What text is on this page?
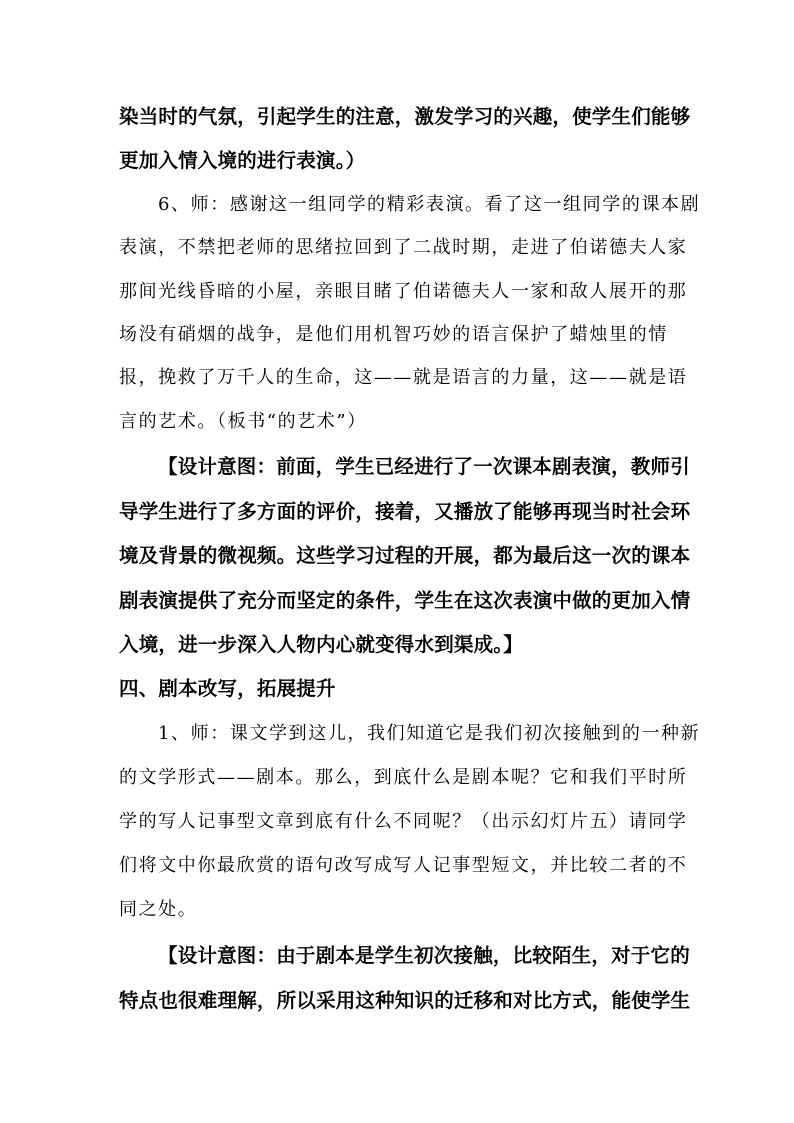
染当时的气氛，引起学生的注意，激发学习的兴趣，使学生们能够
更加入情入境的进行表演。）
6、师：感谢这一组同学的精彩表演。看了这一组同学的课本剧
表演，不禁把老师的思绪拉回到了二战时期，走进了伯诺德夫人家
那间光线昏暗的小屋，亲眼目睹了伯诺德夫人一家和敌人展开的那
场没有硝烟的战争，是他们用机智巧妙的语言保护了蜡烛里的情
报，挽救了万千人的生命，这——就是语言的力量，这——就是语
言的艺术。（板书“的艺术”）
【设计意图：前面，学生已经进行了一次课本剧表演，教师引
导学生进行了多方面的评价，接着，又播放了能够再现当时社会环
境及背景的微视频。这些学习过程的开展，都为最后这一次的课本
剧表演提供了充分而坚定的条件，学生在这次表演中做的更加入情
入境，进一步深入人物内心就变得水到渠成。】
四、剧本改写，拓展提升
1、师：课文学到这儿，我们知道它是我们初次接触到的一种新
的文学形式——剧本。那么，到底什么是剧本呢？它和我们平时所
学的写人记事型文章到底有什么不同呢？（出示幻灯片五）请同学
们将文中你最欣赏的语句改写成写人记事型短文，并比较二者的不
同之处。
【设计意图：由于剧本是学生初次接触，比较陌生，对于它的
特点也很难理解，所以采用这种知识的迁移和对比方式，能使学生
